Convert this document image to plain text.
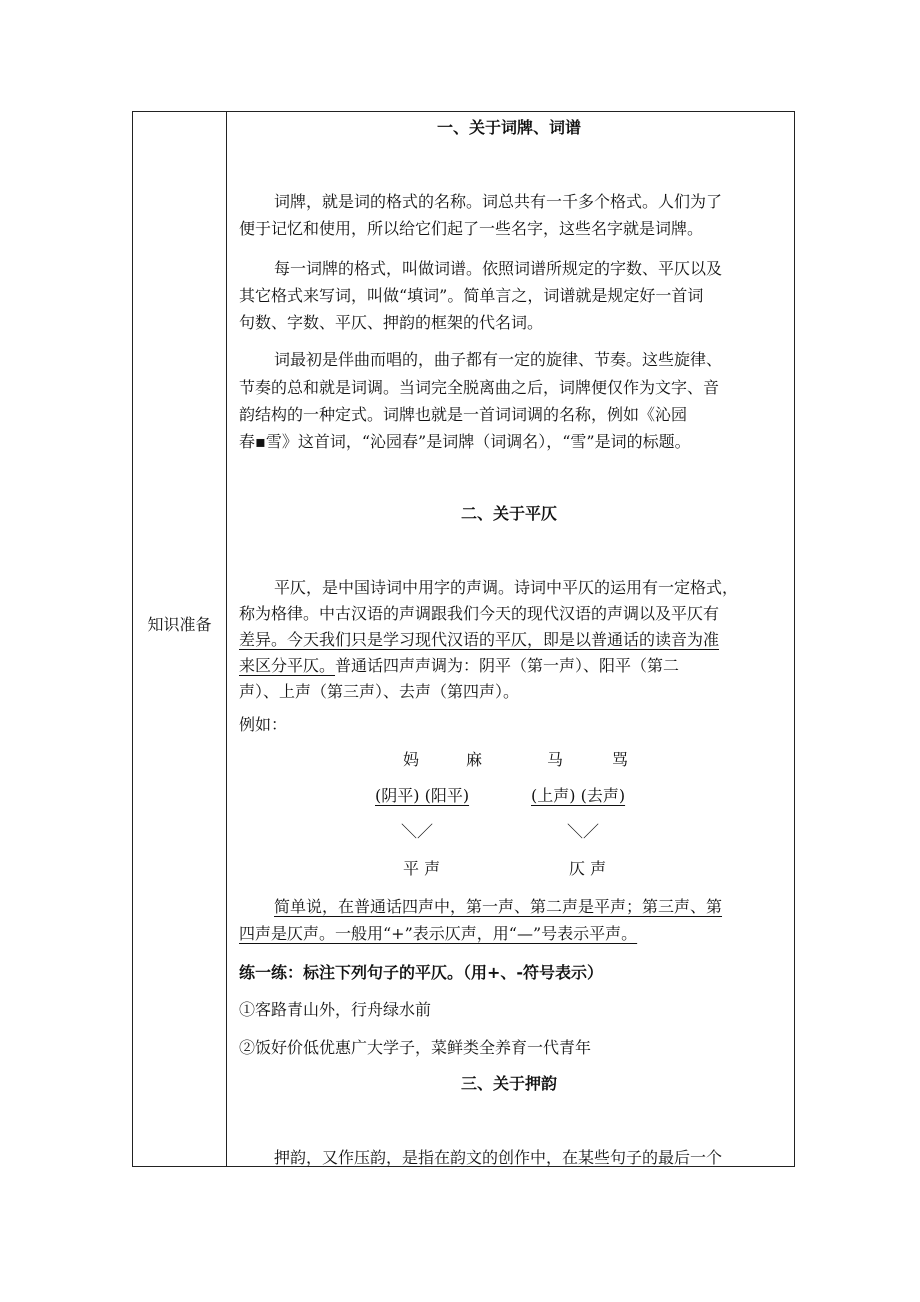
知识准备
一、关于词牌、词谱
词牌，就是词的格式的名称。词总共有一千多个格式。人们为了
便于记忆和使用，所以给它们起了一些名字，这些名字就是词牌。
每一词牌的格式，叫做词谱。依照词谱所规定的字数、平仄以及
其它格式来写词，叫做“填词”。简单言之，词谱就是规定好一首词
句数、字数、平仄、押韵的框架的代名词。
词最初是伴曲而唱的，曲子都有一定的旋律、节奏。这些旋律、
节奏的总和就是词调。当词完全脱离曲之后，词牌便仅作为文字、音
韵结构的一种定式。词牌也就是一首词词调的名称，例如《沁园
春▪雪》这首词，“沁园春”是词牌（词调名），“雪”是词的标题。
二、关于平仄
平仄，是中国诗词中用字的声调。诗词中平仄的运用有一定格式，
称为格律。中古汉语的声调跟我们今天的现代汉语的声调以及平仄有
差异。今天我们只是学习现代汉语的平仄，即是以普通话的读音为准
来区分平仄。普通话四声声调为：阴平（第一声）、阳平（第二
声）、上声（第三声）、去声（第四声）。
例如：
妈	麻	马	骂
(阴平) (阳平)	(上声) (去声)
＼／	＼／
平 声	仄 声
简单说，在普通话四声中，第一声、第二声是平声；第三声、第
四声是仄声。一般用“+”表示仄声，用“—”号表示平声。
练一练：标注下列句子的平仄。（用+、-符号表示）
①客路青山外，行舟绿水前
②饭好价低优惠广大学子，菜鲜类全养育一代青年
三、关于押韵
押韵，又作压韵，是指在韵文的创作中，在某些句子的最后一个
